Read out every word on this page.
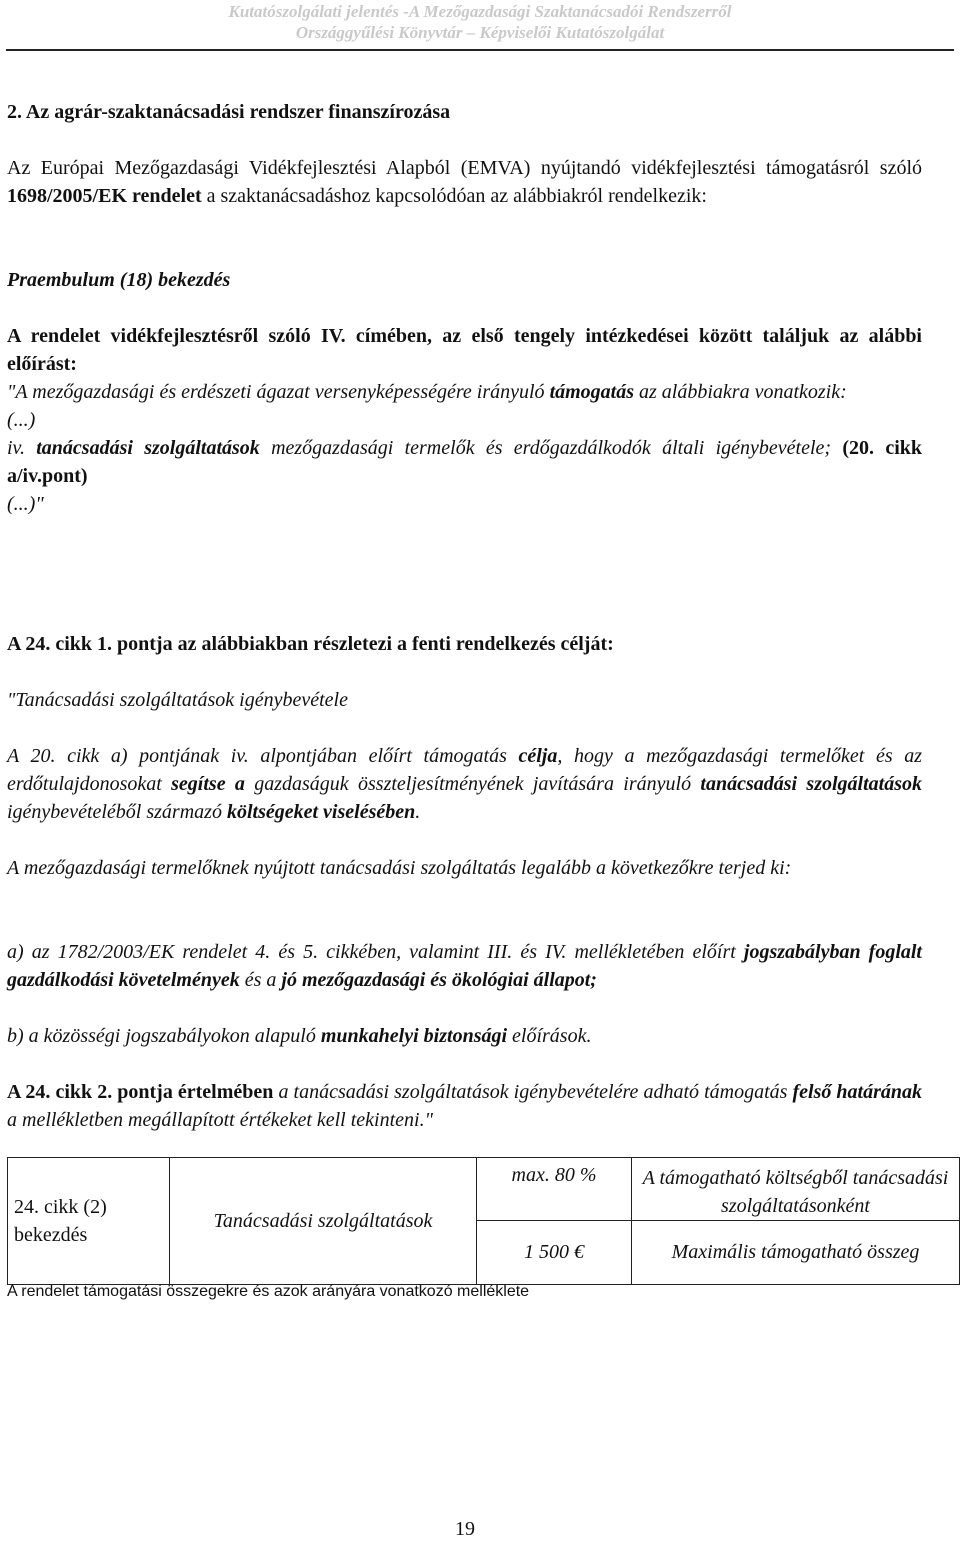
Kutatószolgálati jelentés -A Mezőgazdasági Szaktanácsadói Rendszerről
Országgyűlési Könyvtár – Képviselői Kutatószolgálat

2. Az agrár-szaktanácsadási rendszer finanszírozása

Az Európai Mezőgazdasági Vidékfejlesztési Alapból (EMVA) nyújtandó vidékfejlesztési támogatásról szóló 1698/2005/EK rendelet a szaktanácsadáshoz kapcsolódóan az alábbiakról rendelkezik:

Praembulum (18) bekezdés

A rendelet vidékfejlesztésről szóló IV. címében, az első tengely intézkedései között találjuk az alábbi előírást:

"A mezőgazdasági és erdészeti ágazat versenyképességére irányuló támogatás az alábbiakra vonatkozik:
(...)
iv. tanácsadási szolgáltatások mezőgazdasági termelők és erdőgazdálkodók általi igénybevétele; (20. cikk a/iv.pont)
(...)"

A 24. cikk 1. pontja az alábbiakban részletezi a fenti rendelkezés célját:

"Tanácsadási szolgáltatások igénybevétele

A 20. cikk a) pontjának iv. alpontjában előírt támogatás célja, hogy a mezőgazdasági termelőket és az erdőtulajdonosokat segítse a gazdaságuk összteljesítményének javítására irányuló tanácsadási szolgáltatások igénybevételéből származó költségeket viselésében.

A mezőgazdasági termelőknek nyújtott tanácsadási szolgáltatás legalább a következőkre terjed ki:

a) az 1782/2003/EK rendelet 4. és 5. cikkében, valamint III. és IV. mellékletében előírt jogszabályban foglalt gazdálkodási követelmények és a jó mezőgazdasági és ökológiai állapot;

b) a közösségi jogszabályokon alapuló munkahelyi biztonsági előírások.

A 24. cikk 2. pontja értelmében a tanácsadási szolgáltatások igénybevételére adható támogatás felső határának a mellékletben megállapított értékeket kell tekinteni."

24. cikk (2) bekezdés	Tanácsadási szolgáltatások	max. 80 %	A támogatható költségből tanácsadási szolgáltatásonként
		1 500 €	Maximális támogatható összeg
A rendelet támogatási összegekre és azok arányára vonatkozó melléklete
19
